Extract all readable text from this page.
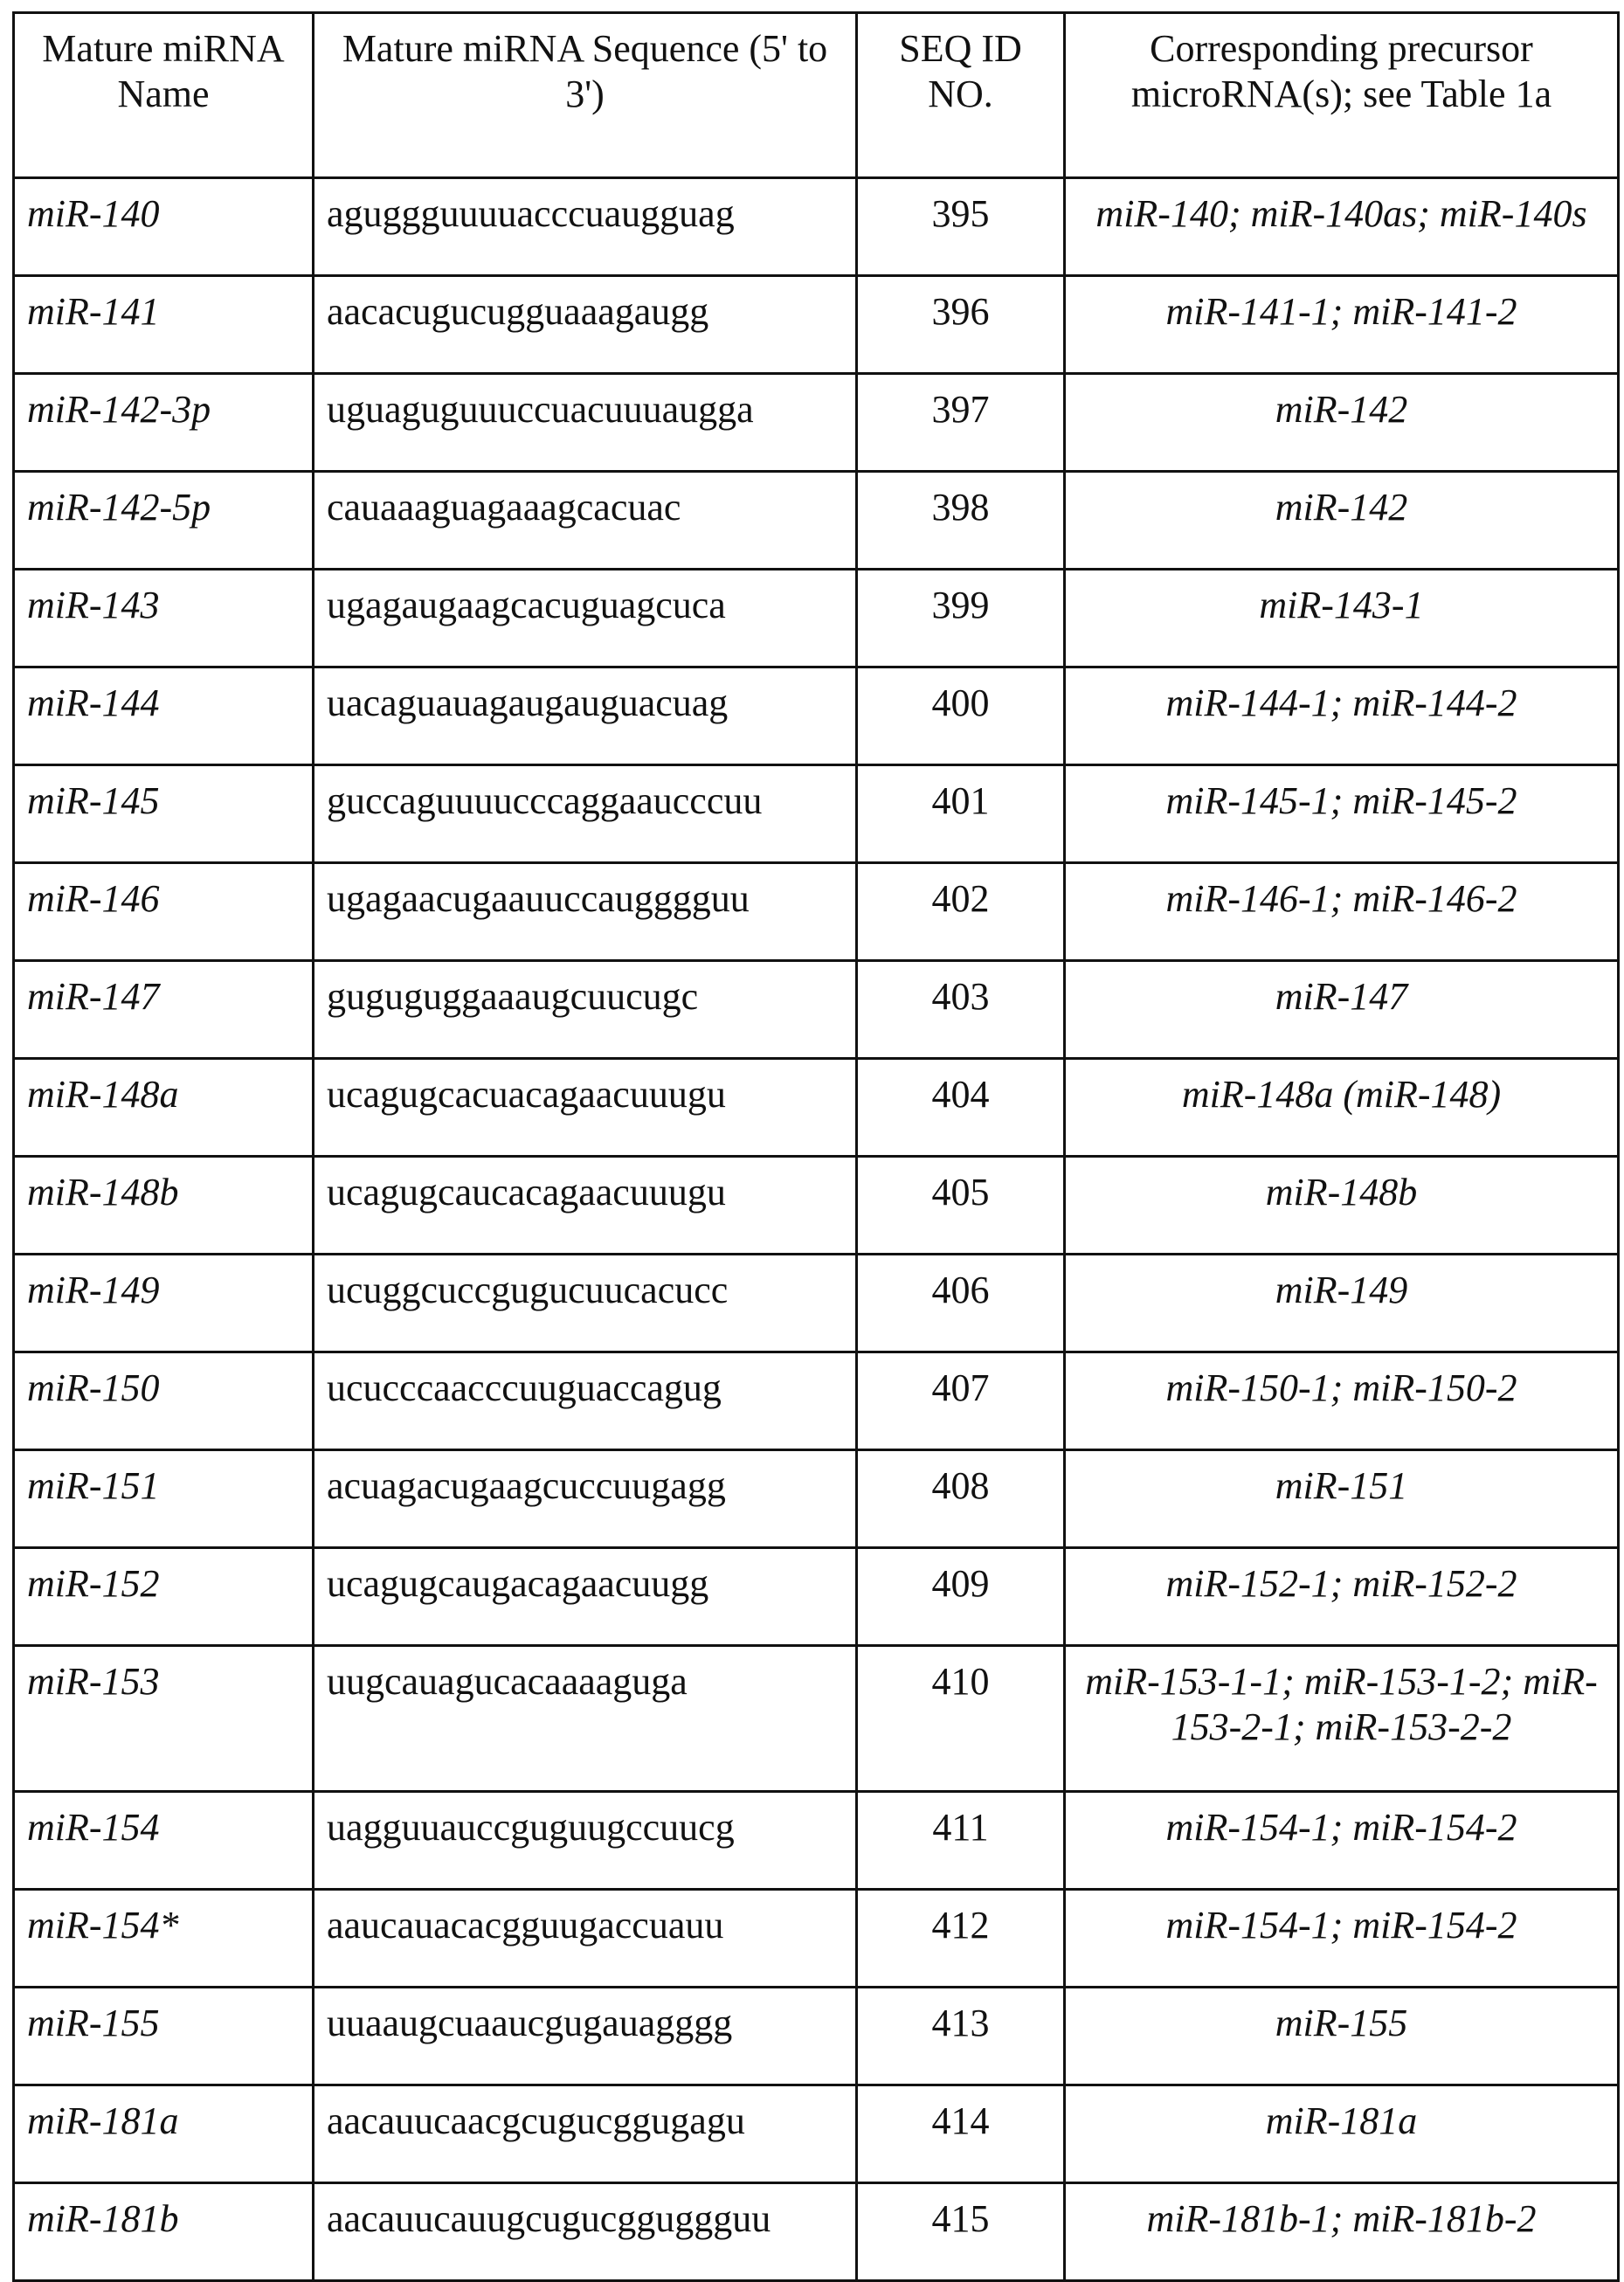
Mature miRNA Name	Mature miRNA Sequence (5' to 3')	SEQ ID NO.	Corresponding precursor microRNA(s); see Table 1a
miR-140	aguggguuuuacccuaugguag	395	miR-140; miR-140as; miR-140s
miR-141	aacacugucugguaaagaugg	396	miR-141-1; miR-141-2
miR-142-3p	uguaguguuuccuacuuuaugga	397	miR-142
miR-142-5p	cauaaaguagaaagcacuac	398	miR-142
miR-143	ugagaugaagcacuguagcuca	399	miR-143-1
miR-144	uacaguauagaugauguacuag	400	miR-144-1; miR-144-2
miR-145	guccaguuuucccaggaaucccuu	401	miR-145-1; miR-145-2
miR-146	ugagaacugaauuccaugggguu	402	miR-146-1; miR-146-2
miR-147	guguguggaaaugcuucugc	403	miR-147
miR-148a	ucagugcacuacagaacuuugu	404	miR-148a (miR-148)
miR-148b	ucagugcaucacagaacuuugu	405	miR-148b
miR-149	ucuggcuccgugucuucacucc	406	miR-149
miR-150	ucucccaacccuuguaccagug	407	miR-150-1; miR-150-2
miR-151	acuagacugaagcuccuugagg	408	miR-151
miR-152	ucagugcaugacagaacuugg	409	miR-152-1; miR-152-2
miR-153	uugcauagucacaaaaguga	410	miR-153-1-1; miR-153-1-2; miR-153-2-1; miR-153-2-2
miR-154	uagguuauccguguugccuucg	411	miR-154-1; miR-154-2
miR-154*	aaucauacacgguugaccuauu	412	miR-154-1; miR-154-2
miR-155	uuaaugcuaaucgugauagggg	413	miR-155
miR-181a	aacauucaacgcugucggugagu	414	miR-181a
miR-181b	aacauucauugcugucgguggguu	415	miR-181b-1; miR-181b-2
